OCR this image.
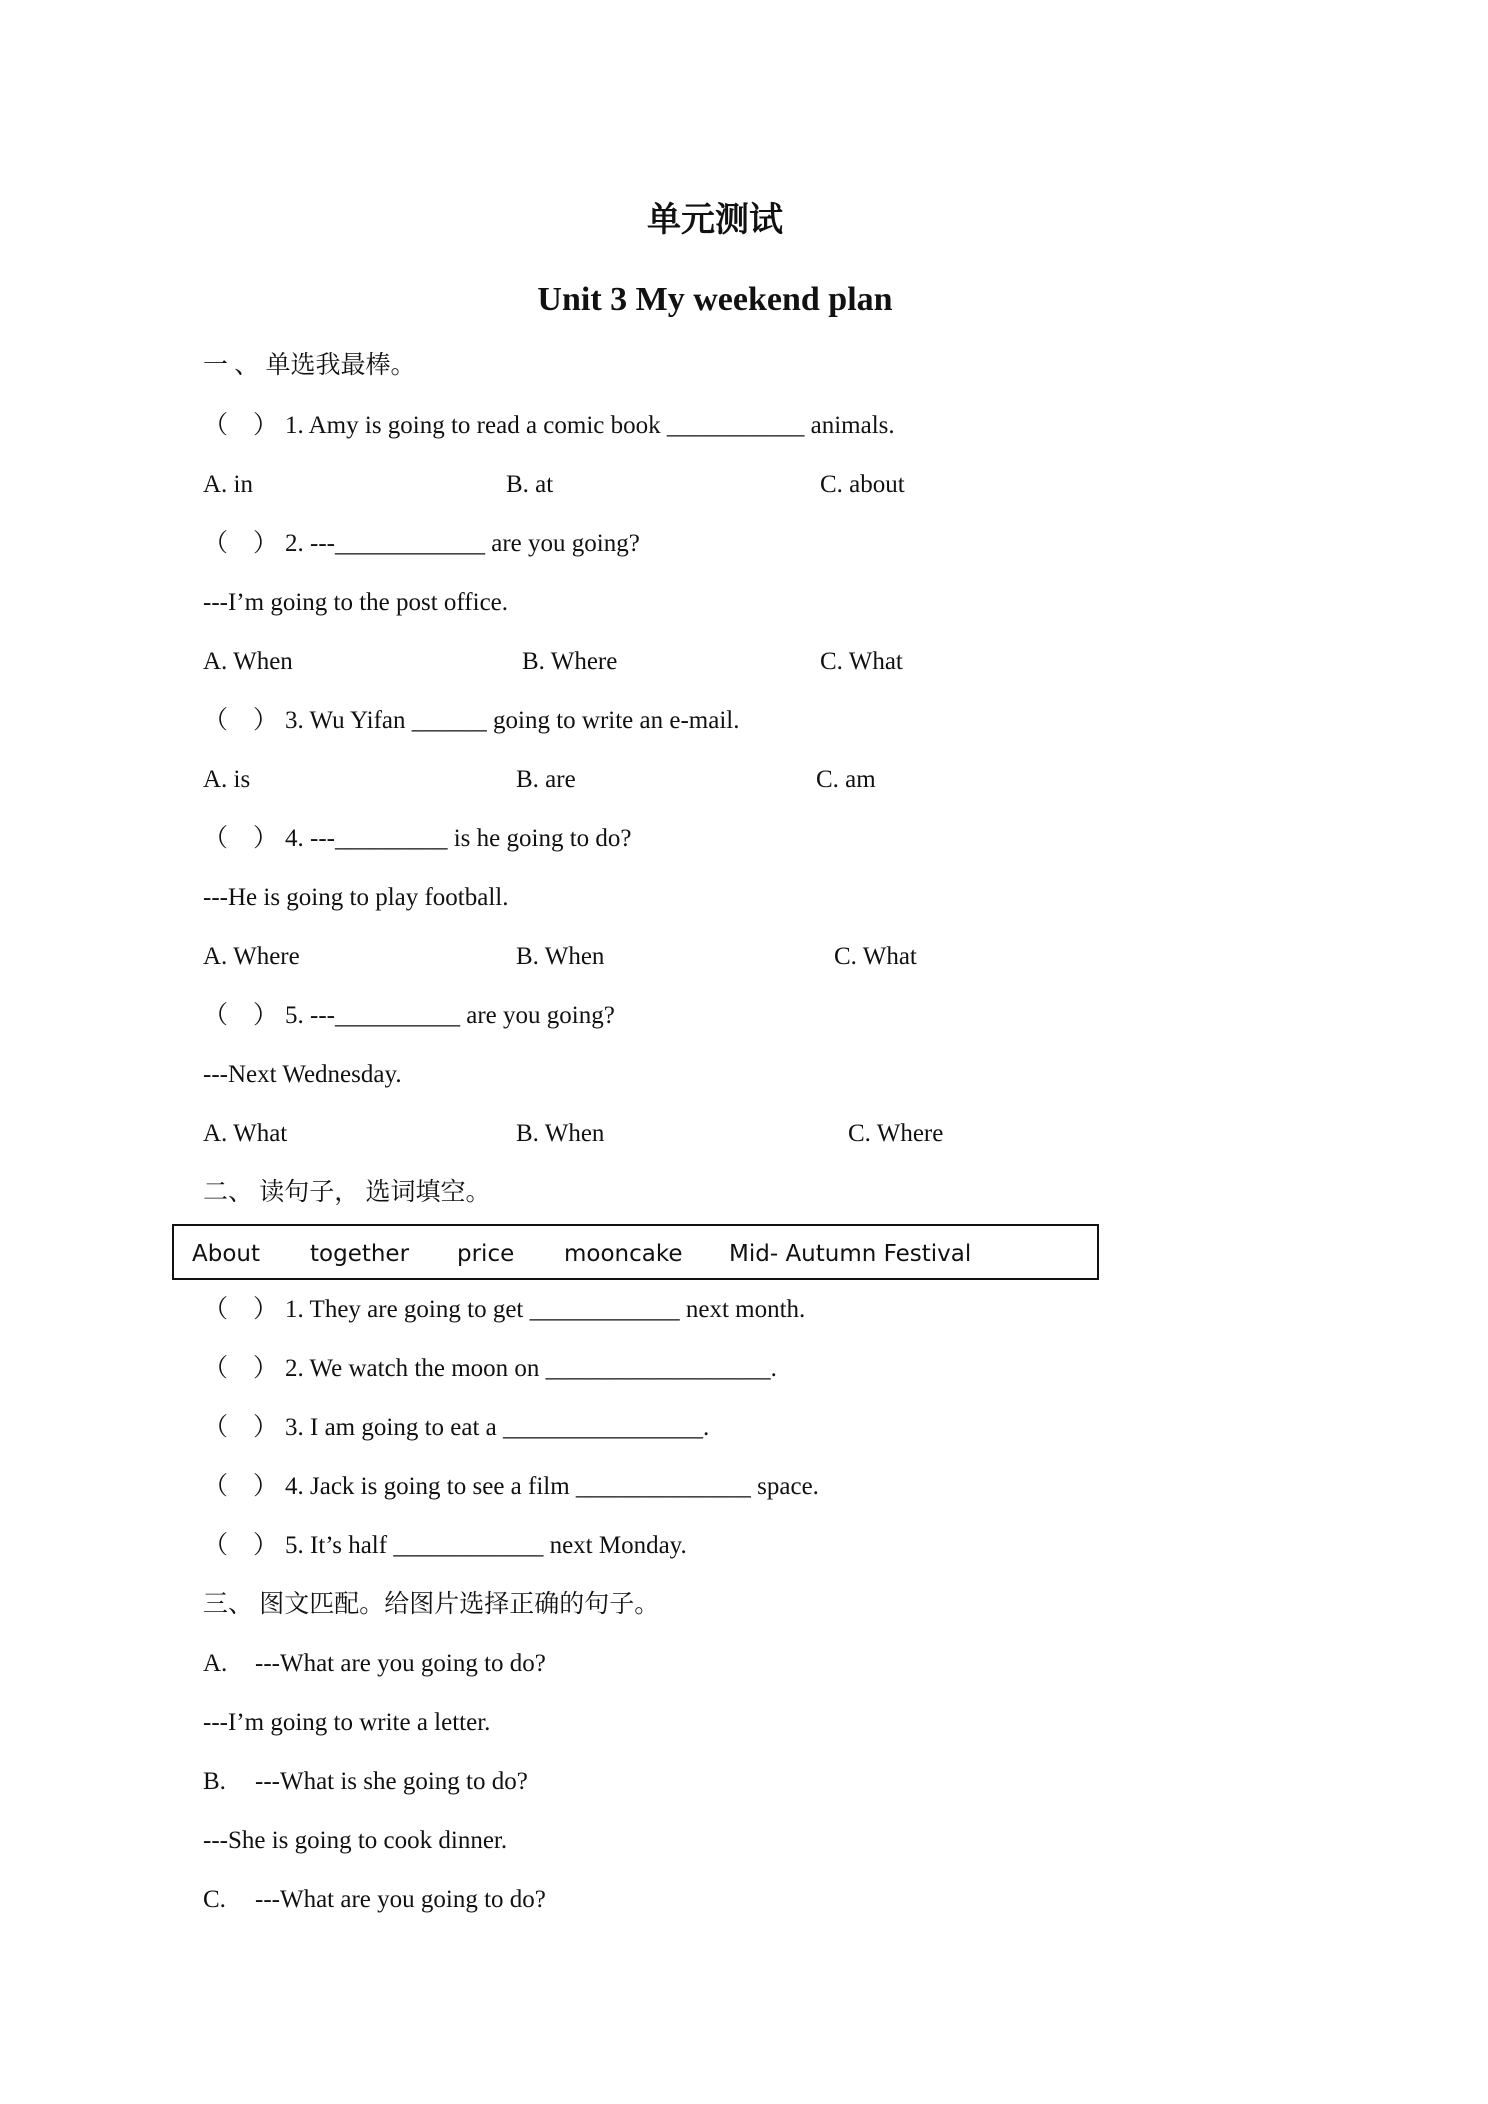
单元测试
Unit 3 My weekend plan
一 、 单选我最棒。
（ ） 1. Amy is going to read a comic book ___________ animals.
A. in	B. at	C. about
（ ） 2. ---____________ are you going?
---I’m going to the post office.
A. When	B. Where	C. What
（ ） 3. Wu Yifan ______ going to write an e-mail.
A. is	B. are	C. am
（ ） 4. ---_________ is he going to do?
---He is going to play football.
A. Where	B. When	C. What
（ ） 5. ---__________ are you going?
---Next Wednesday.
A. What	B. When	C. Where
二、 读句子， 选词填空。
About together price mooncake Mid- Autumn Festival
（ ） 1. They are going to get ____________ next month.
（ ） 2. We watch the moon on __________________.
（ ） 3. I am going to eat a ________________.
（ ） 4. Jack is going to see a film ______________ space.
（ ） 5. It’s half ____________ next Monday.
三、 图文匹配。给图片选择正确的句子。
A. ---What are you going to do?
---I’m going to write a letter.
B. ---What is she going to do?
---She is going to cook dinner.
C. ---What are you going to do?
